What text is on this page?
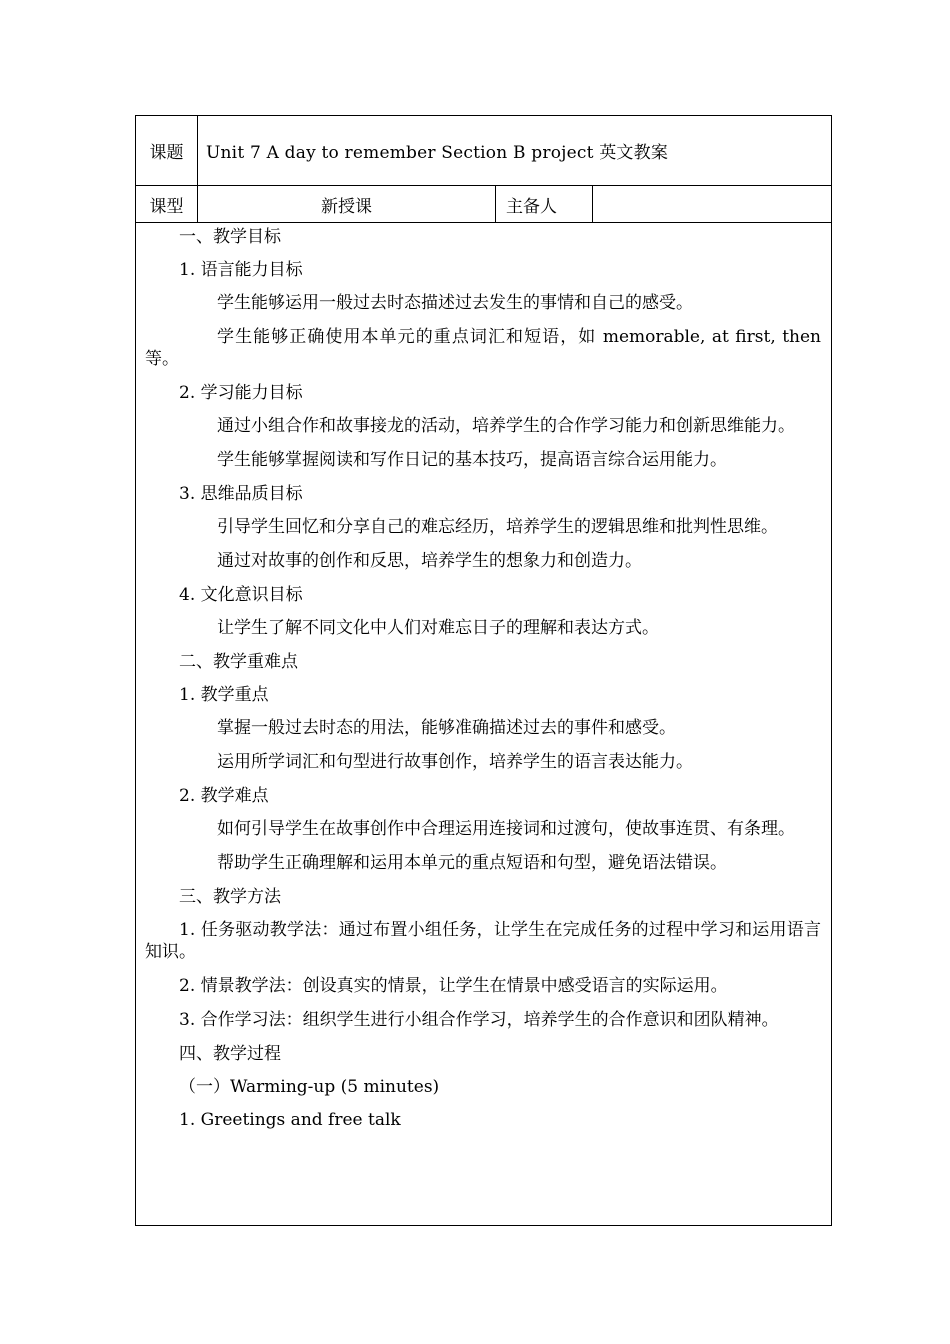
课题	Unit 7 A day to remember Section B project 英文教案
课型	新授课	主备人

一、教学目标

1. 语言能力目标

学生能够运用一般过去时态描述过去发生的事情和自己的感受。

学生能够正确使用本单元的重点词汇和短语，如 memorable, at first, then 等。

2. 学习能力目标

通过小组合作和故事接龙的活动，培养学生的合作学习能力和创新思维能力。

学生能够掌握阅读和写作日记的基本技巧，提高语言综合运用能力。

3. 思维品质目标

引导学生回忆和分享自己的难忘经历，培养学生的逻辑思维和批判性思维。

通过对故事的创作和反思，培养学生的想象力和创造力。

4. 文化意识目标

让学生了解不同文化中人们对难忘日子的理解和表达方式。

二、教学重难点

1. 教学重点

掌握一般过去时态的用法，能够准确描述过去的事件和感受。

运用所学词汇和句型进行故事创作，培养学生的语言表达能力。

2. 教学难点

如何引导学生在故事创作中合理运用连接词和过渡句，使故事连贯、有条理。

帮助学生正确理解和运用本单元的重点短语和句型，避免语法错误。

三、教学方法

1. 任务驱动教学法：通过布置小组任务，让学生在完成任务的过程中学习和运用语言知识。

2. 情景教学法：创设真实的情景，让学生在情景中感受语言的实际运用。

3. 合作学习法：组织学生进行小组合作学习，培养学生的合作意识和团队精神。

四、教学过程

（一）Warming-up (5 minutes)

1. Greetings and free talk
